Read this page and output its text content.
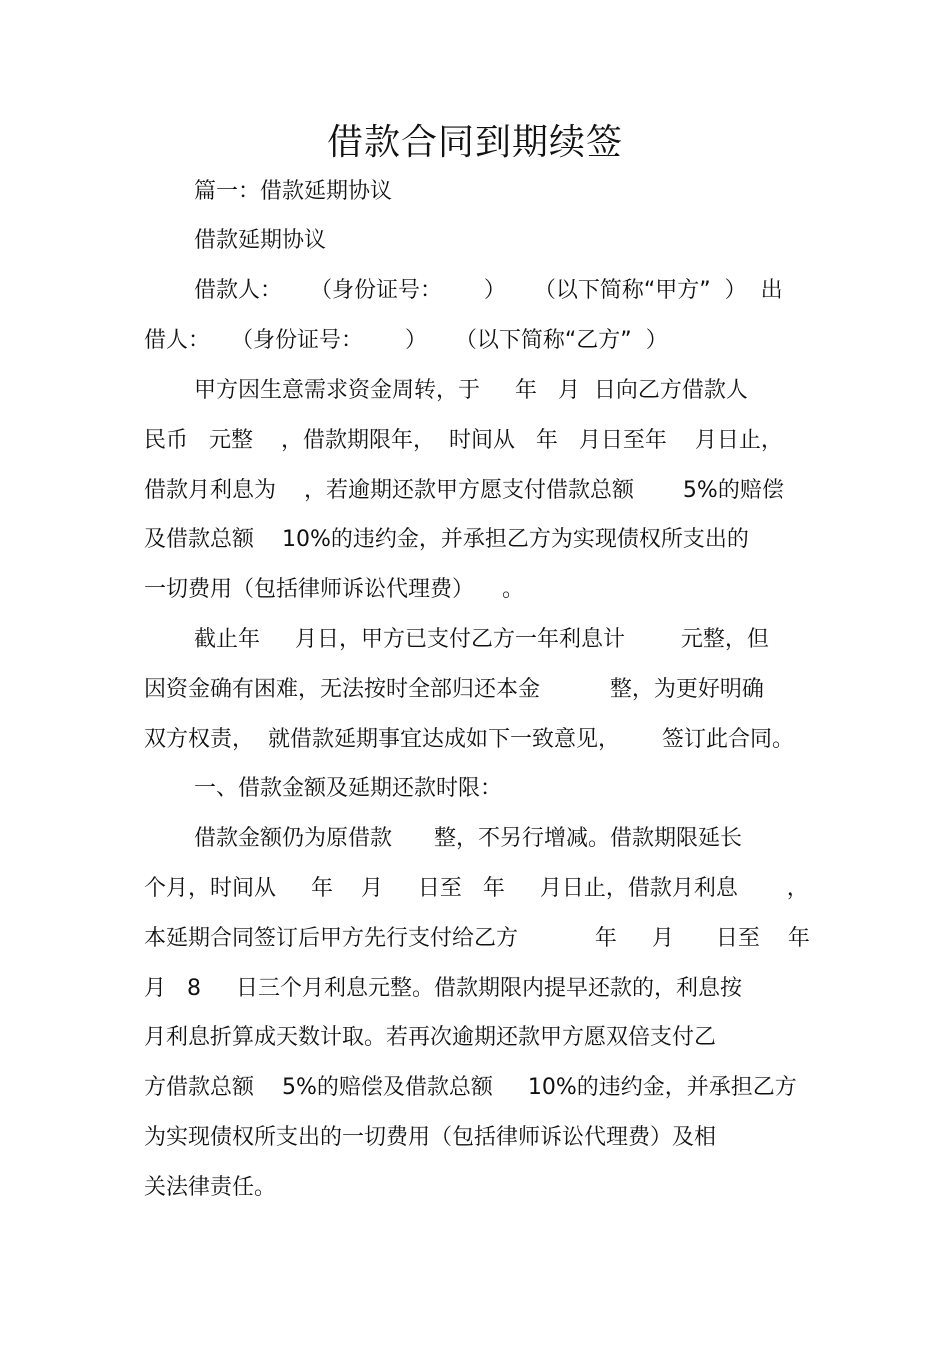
借款合同到期续签

篇一：借款延期协议

借款延期协议

借款人：    （身份证号：      ）    （以下简称“甲方”  ）  出

借人：   （身份证号：      ）    （以下简称“乙方”  ）

甲方因生意需求资金周转，于     年   月  日向乙方借款人

民币   元整    ，借款期限年，  时间从   年   月日至年    月日止，

借款月利息为    ，若逾期还款甲方愿支付借款总额       5%的赔偿

及借款总额    10%的违约金，并承担乙方为实现债权所支出的

一切费用（包括律师诉讼代理费）    。

截止年     月日，甲方已支付乙方一年利息计        元整，但

因资金确有困难，无法按时全部归还本金          整，为更好明确

双方权责，  就借款延期事宜达成如下一致意见，      签订此合同。

一、借款金额及延期还款时限：

借款金额仍为原借款      整，不另行增减。借款期限延长

个月，时间从     年    月     日至   年     月日止，借款月利息       ，

本延期合同签订后甲方先行支付给乙方           年     月      日至    年

月   8     日三个月利息元整。借款期限内提早还款的，利息按

月利息折算成天数计取。若再次逾期还款甲方愿双倍支付乙

方借款总额    5%的赔偿及借款总额     10%的违约金，并承担乙方

为实现债权所支出的一切费用（包括律师诉讼代理费）及相

关法律责任。
